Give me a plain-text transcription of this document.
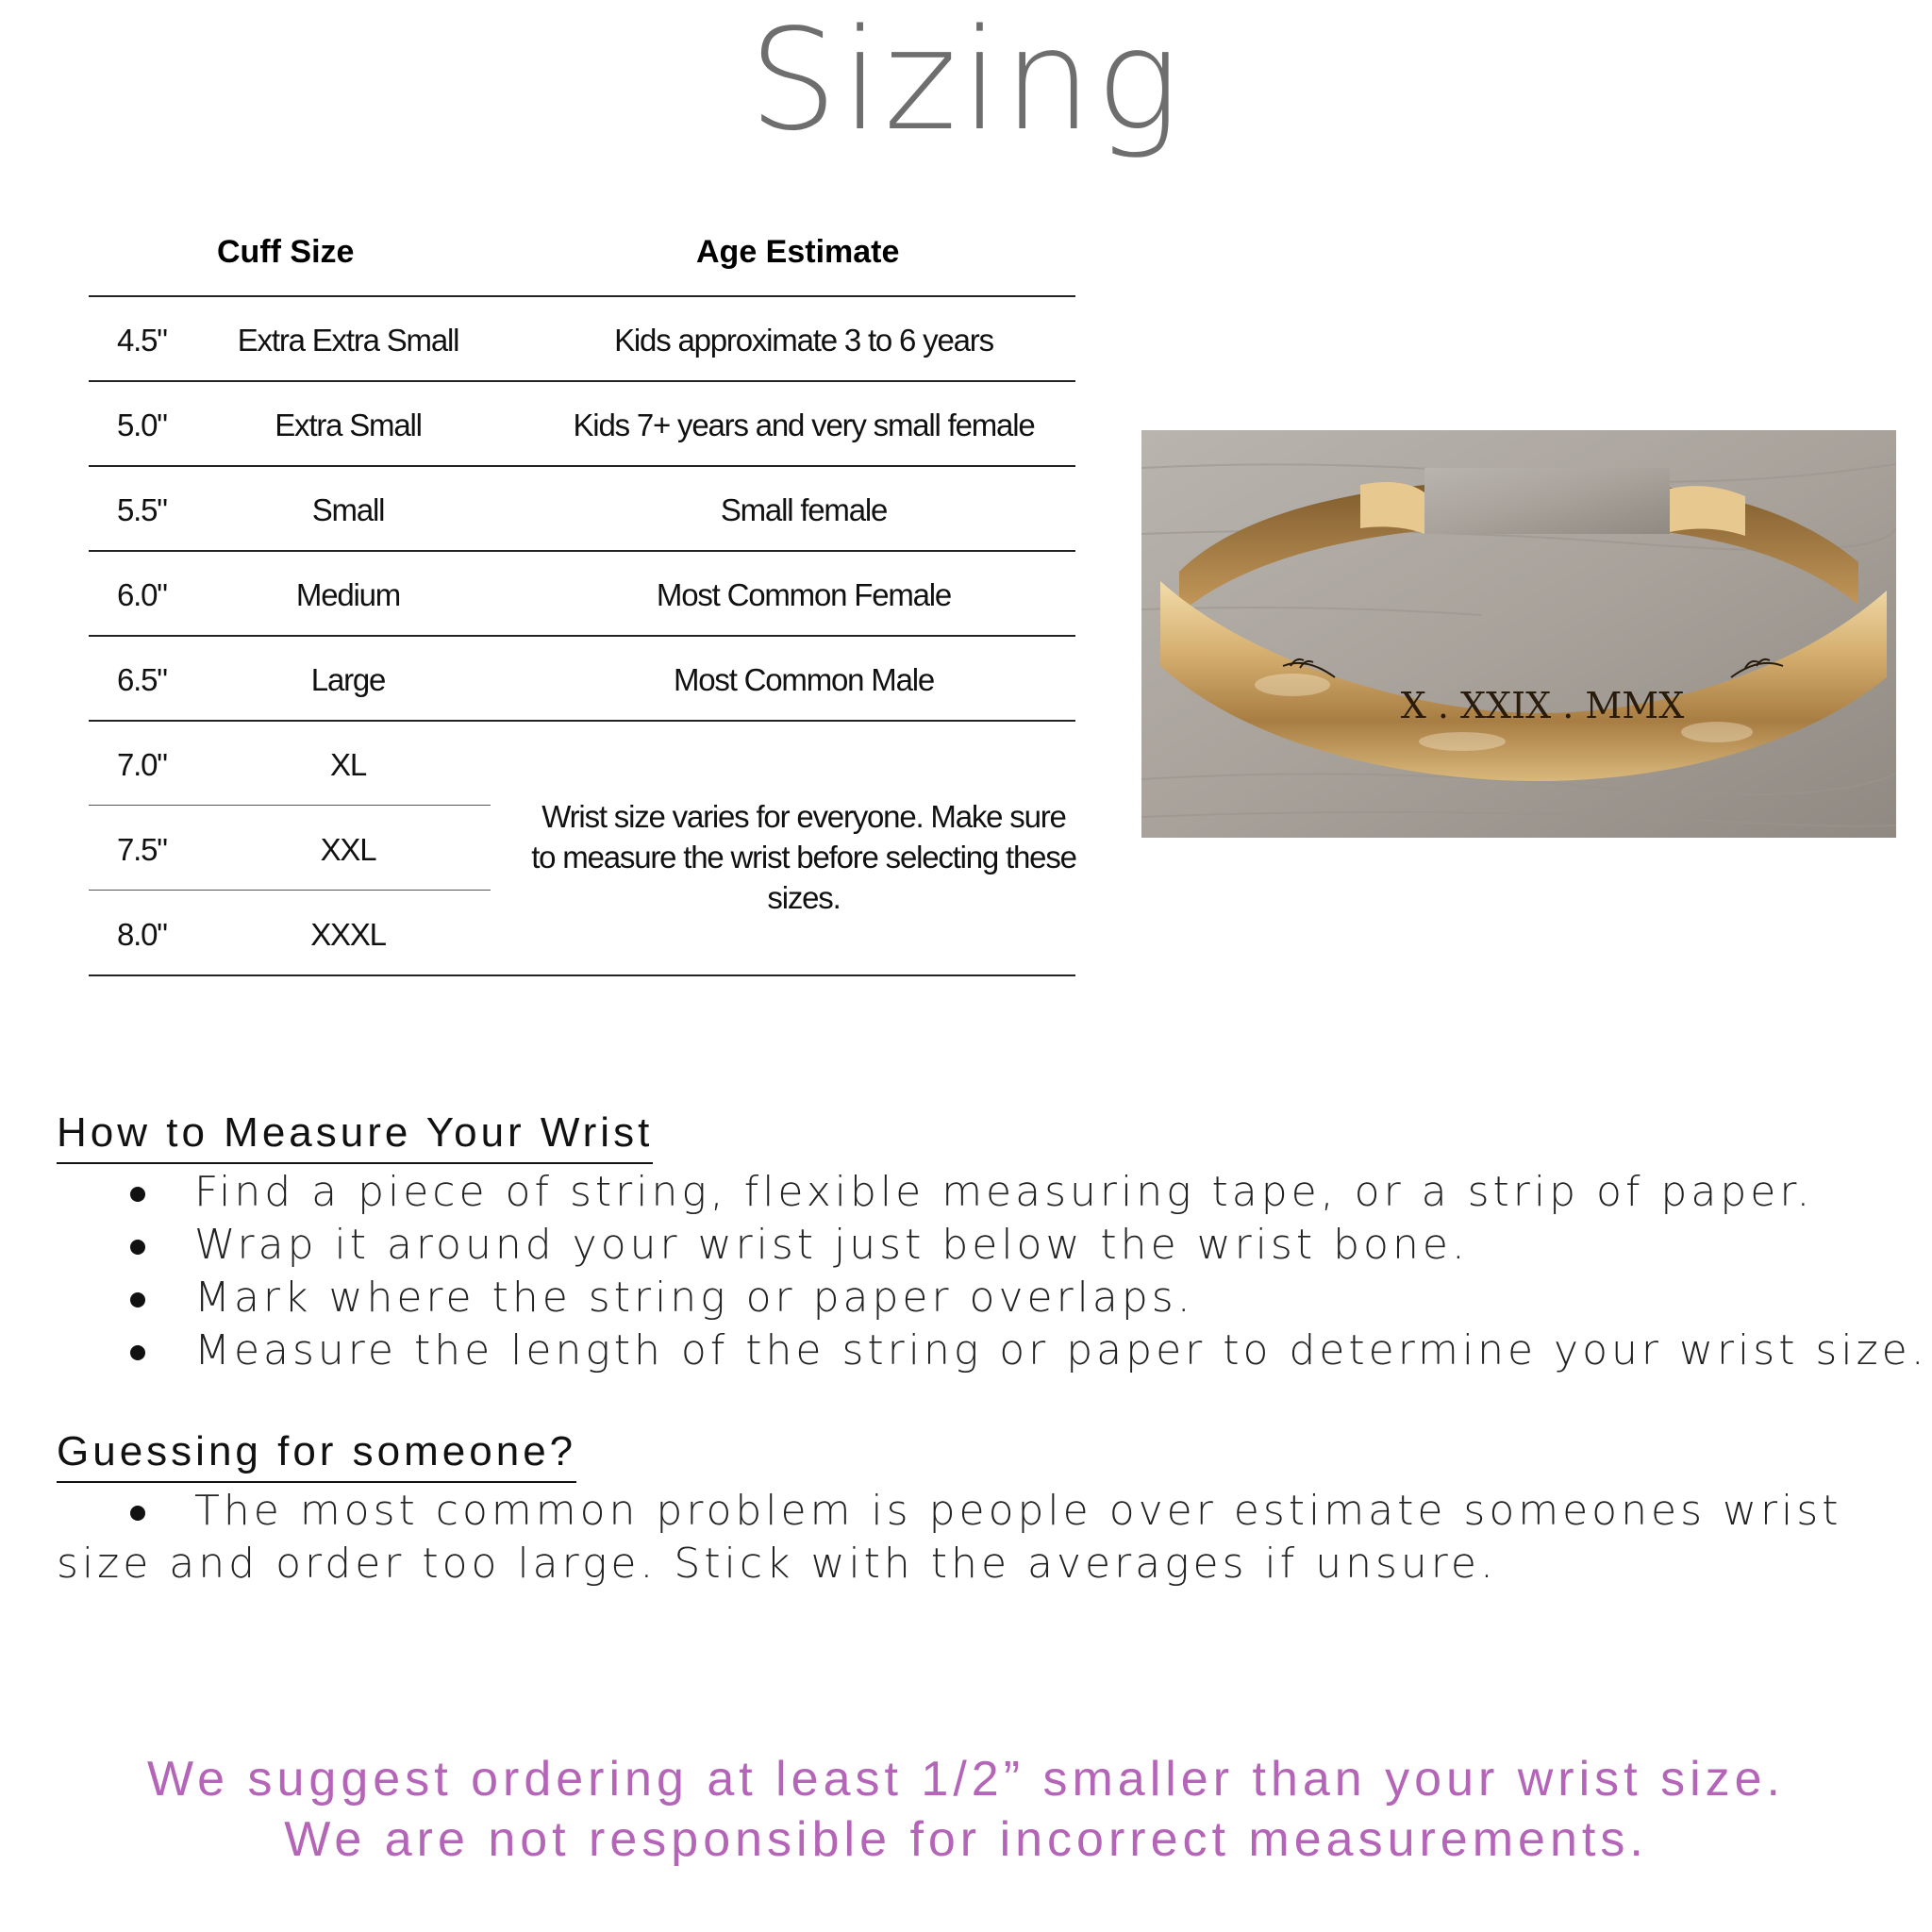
Sizing
Cuff Size	Age Estimate
4.5"	Extra Extra Small	Kids approximate 3 to 6 years
5.0"	Extra Small	Kids 7+ years and very small female
5.5"	Small	Small female
6.0"	Medium	Most Common Female
6.5"	Large	Most Common Male
7.0"	XL
7.5"	XXL
8.0"	XXXL
Wrist size varies for everyone. Make sure to measure the wrist before selecting these sizes.
X . XXIX . MMX
How to Measure Your Wrist
Find a piece of string, flexible measuring tape, or a strip of paper.
Wrap it around your wrist just below the wrist bone.
Mark where the string or paper overlaps.
Measure the length of the string or paper to determine your wrist size.
Guessing for someone?

The most common problem is people over estimate someones wrist size and order too large. Stick with the averages if unsure.

We suggest ordering at least 1/2” smaller than your wrist size.
We are not responsible for incorrect measurements.
